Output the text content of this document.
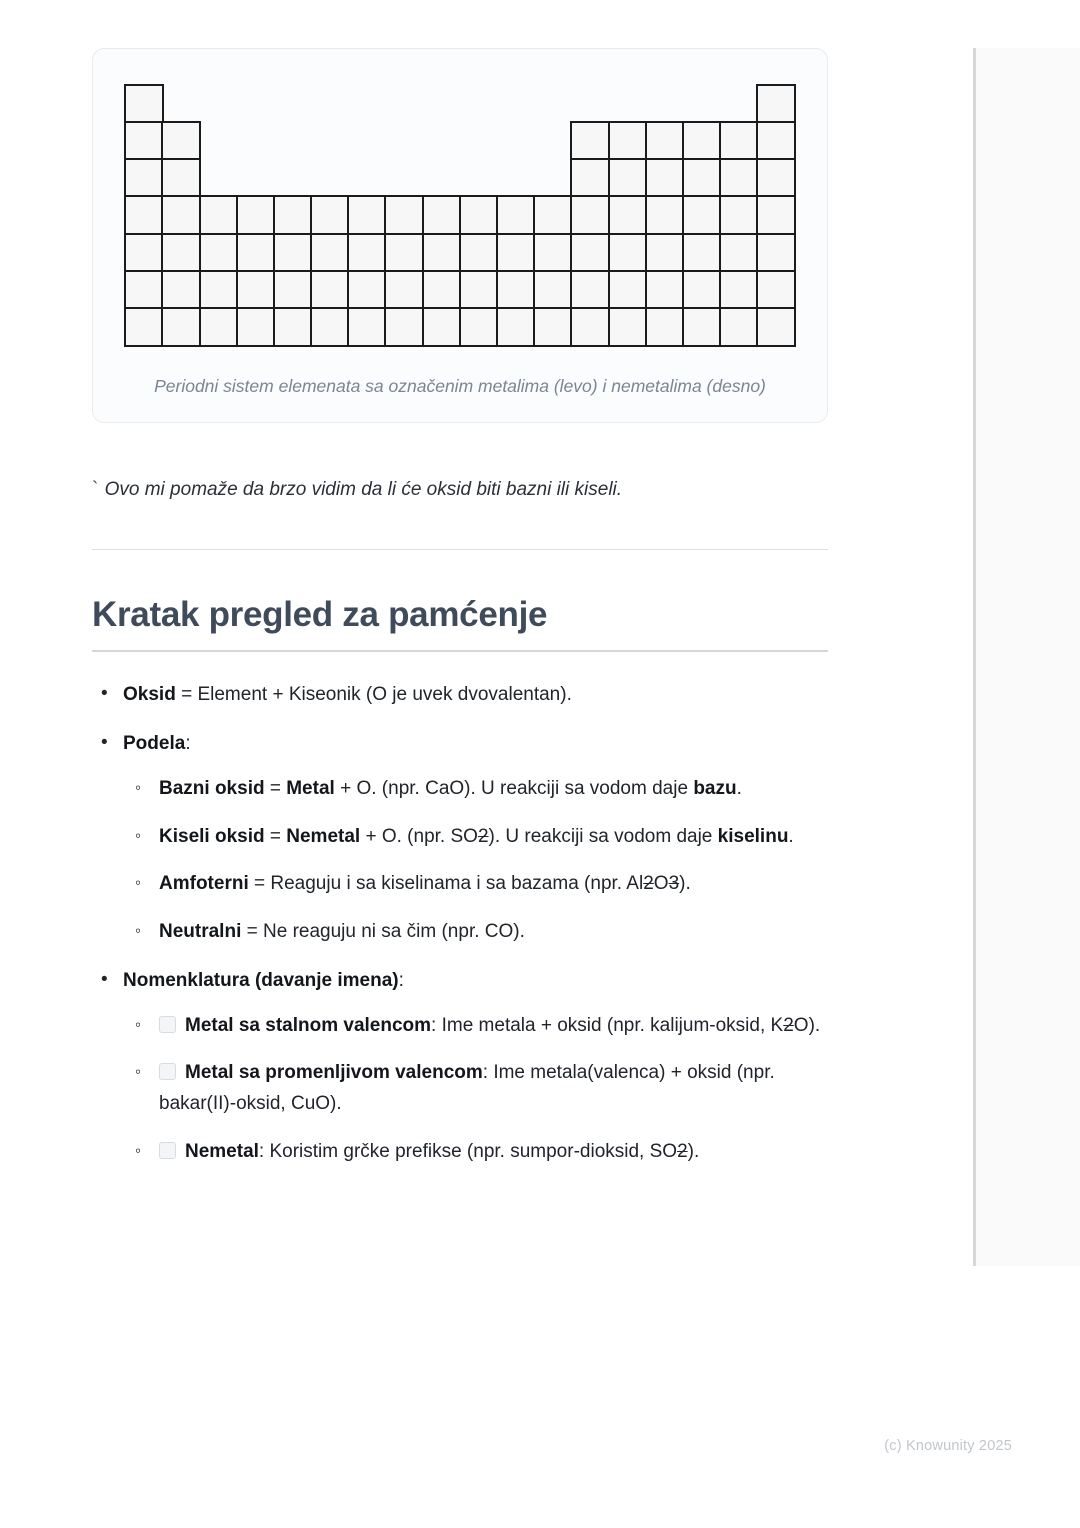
Periodni sistem elemenata sa označenim metalima (levo) i nemetalima (desno)
` Ovo mi pomaže da brzo vidim da li će oksid biti bazni ili kiseli.
Kratak pregled za pamćenje
• Oksid = Element + Kiseonik (O je uvek dvovalentan).
• Podela:
◦ Bazni oksid = Metal + O. (npr. CaO). U reakciji sa vodom daje bazu.
◦ Kiseli oksid = Nemetal + O. (npr. SO2). U reakciji sa vodom daje kiselinu.
◦ Amfoterni = Reaguju i sa kiselinama i sa bazama (npr. Al2O3).
◦ Neutralni = Ne reaguju ni sa čim (npr. CO).
• Nomenklatura (davanje imena):
◦ Metal sa stalnom valencom: Ime metala + oksid (npr. kalijum-oksid, K2O).
◦ Metal sa promenljivom valencom: Ime metala(valenca) + oksid (npr. bakar(II)-oksid, CuO).
◦ Nemetal: Koristim grčke prefikse (npr. sumpor-dioksid, SO2).
(c) Knowunity 2025
